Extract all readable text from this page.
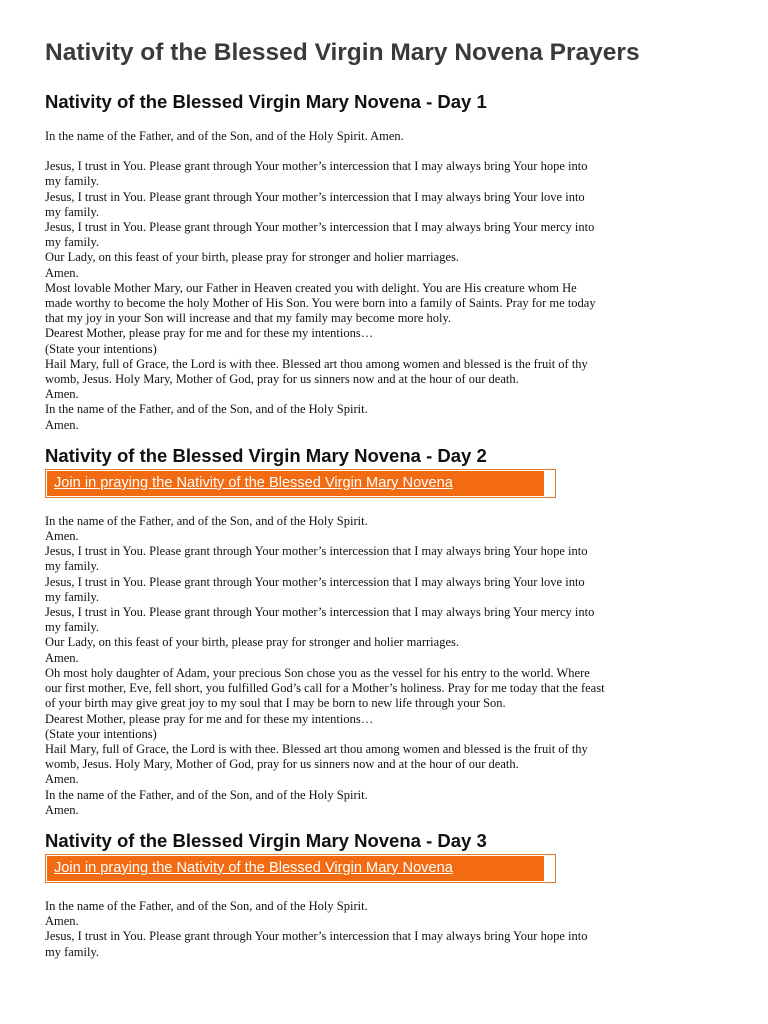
Nativity of the Blessed Virgin Mary Novena Prayers
Nativity of the Blessed Virgin Mary Novena - Day 1
In the name of the Father, and of the Son, and of the Holy Spirit. Amen.
Jesus, I trust in You. Please grant through Your mother’s intercession that I may always bring Your hope into
my family.
Jesus, I trust in You. Please grant through Your mother’s intercession that I may always bring Your love into
my family.
Jesus, I trust in You. Please grant through Your mother’s intercession that I may always bring Your mercy into
my family.
Our Lady, on this feast of your birth, please pray for stronger and holier marriages.
Amen.
Most lovable Mother Mary, our Father in Heaven created you with delight. You are His creature whom He
made worthy to become the holy Mother of His Son. You were born into a family of Saints. Pray for me today
that my joy in your Son will increase and that my family may become more holy.
Dearest Mother, please pray for me and for these my intentions…
(State your intentions)
Hail Mary, full of Grace, the Lord is with thee. Blessed art thou among women and blessed is the fruit of thy
womb, Jesus. Holy Mary, Mother of God, pray for us sinners now and at the hour of our death.
Amen.
In the name of the Father, and of the Son, and of the Holy Spirit.
Amen.
Nativity of the Blessed Virgin Mary Novena - Day 2
Join in praying the Nativity of the Blessed Virgin Mary Novena
In the name of the Father, and of the Son, and of the Holy Spirit.
Amen.
Jesus, I trust in You. Please grant through Your mother’s intercession that I may always bring Your hope into
my family.
Jesus, I trust in You. Please grant through Your mother’s intercession that I may always bring Your love into
my family.
Jesus, I trust in You. Please grant through Your mother’s intercession that I may always bring Your mercy into
my family.
Our Lady, on this feast of your birth, please pray for stronger and holier marriages.
Amen.
Oh most holy daughter of Adam, your precious Son chose you as the vessel for his entry to the world. Where
our first mother, Eve, fell short, you fulfilled God’s call for a Mother’s holiness. Pray for me today that the feast
of your birth may give great joy to my soul that I may be born to new life through your Son.
Dearest Mother, please pray for me and for these my intentions…
(State your intentions)
Hail Mary, full of Grace, the Lord is with thee. Blessed art thou among women and blessed is the fruit of thy
womb, Jesus. Holy Mary, Mother of God, pray for us sinners now and at the hour of our death.
Amen.
In the name of the Father, and of the Son, and of the Holy Spirit.
Amen.
Nativity of the Blessed Virgin Mary Novena - Day 3
Join in praying the Nativity of the Blessed Virgin Mary Novena
In the name of the Father, and of the Son, and of the Holy Spirit.
Amen.
Jesus, I trust in You. Please grant through Your mother’s intercession that I may always bring Your hope into
my family.
